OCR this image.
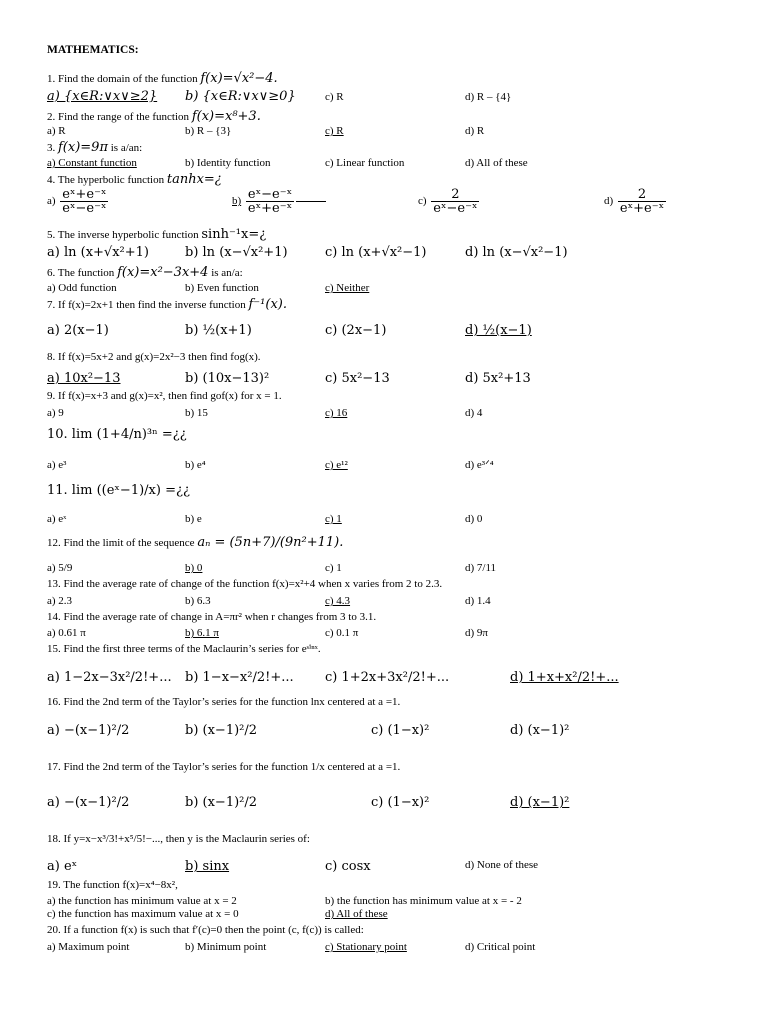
MATHEMATICS:
1. Find the domain of the function f(x)=√x²−4.
a) {x∈R:∨x∨≥2} b) {x∈R:∨x∨≥0}	c) R	d) R – {4}
2. Find the range of the function f(x)=x⁸+3.
a) R	b) R – {3}	c) R	d) R
3. f(x)=9π is a/an:
a) Constant function	b) Identity function	c) Linear function	d) All of these
4. The hyperbolic function tanhx=¿
$a) \frac{\text{eˣ+e⁻ˣ}}{\text{eˣ−e⁻ˣ}}$	$b) \frac{\text{eˣ−e⁻ˣ}}{\text{eˣ+e⁻ˣ}}$	$c) \frac{2}{\text{eˣ−e⁻ˣ}}$	$d) \frac{2}{\text{eˣ+e⁻ˣ}}$
5. The inverse hyperbolic function sinh⁻¹x=¿
a) ln (x+√x²+1)	b) ln (x−√x²+1)	c) ln (x+√x²−1)	d) ln (x−√x²−1)
6. The function f(x)=x²−3x+4 is an/a:
a) Odd function	b) Even function	c) Neither
7. If f(x)=2x+1 then find the inverse function f⁻¹(x).
a) 2(x−1)	b) ½(x+1)	c) (2x−1)	d) ½(x−1)
8. If f(x)=5x+2 and g(x)=2x²−3 then find fog(x).
a) 10x²−13	b) (10x−13)²	c) 5x²−13	d) 5x²+13
9. If f(x)=x+3 and g(x)=x², then find gof(x) for x = 1.
a) 9	b) 15	c) 16	d) 4
10. lim (1+4/n)³ⁿ =¿¿
a) e³	b) e⁴	c) e¹²	d) e³ᐟ⁴
11. lim ((eˣ−1)/x) =¿¿
a) eˣ	b) e	c) 1	d) 0
12. Find the limit of the sequence aₙ = (5n+7)/(9n²+11).
a) 5/9	b) 0	c) 1	d) 7/11
13. Find the average rate of change of the function f(x)=x²+4 when x varies from 2 to 2.3.
a) 2.3	b) 6.3	c) 4.3	d) 1.4
14. Find the average rate of change in A=πr² when r changes from 3 to 3.1.
a) 0.61 π	b) 6.1 π	c) 0.1 π	d) 9π
15. Find the first three terms of the Maclaurin’s series for eˢⁱⁿˣ.
a) 1−2x−3x²/2!+... b) 1−x−x²/2!+... c) 1+2x+3x²/2!+...	d) 1+x+x²/2!+...
16. Find the 2nd term of the Taylor’s series for the function lnx centered at a =1.
a) −(x−1)²/2	b) (x−1)²/2	c) (1−x)²	d) (x−1)²
17. Find the 2nd term of the Taylor’s series for the function 1/x centered at a =1.
a) −(x−1)²/2	b) (x−1)²/2	c) (1−x)²	d) (x−1)²
18. If y=x−x³/3!+x⁵/5!−..., then y is the Maclaurin series of:
a) eˣ	b) sinx	c) cosx	d) None of these
19. The function f(x)=x⁴−8x²,
a) the function has minimum value at x = 2	b) the function has minimum value at x = - 2
c) the function has maximum value at x = 0	d) All of these
20. If a function f(x) is such that f′(c)=0 then the point (c, f(c)) is called:
a) Maximum point	b) Minimum point	c) Stationary point	d) Critical point
